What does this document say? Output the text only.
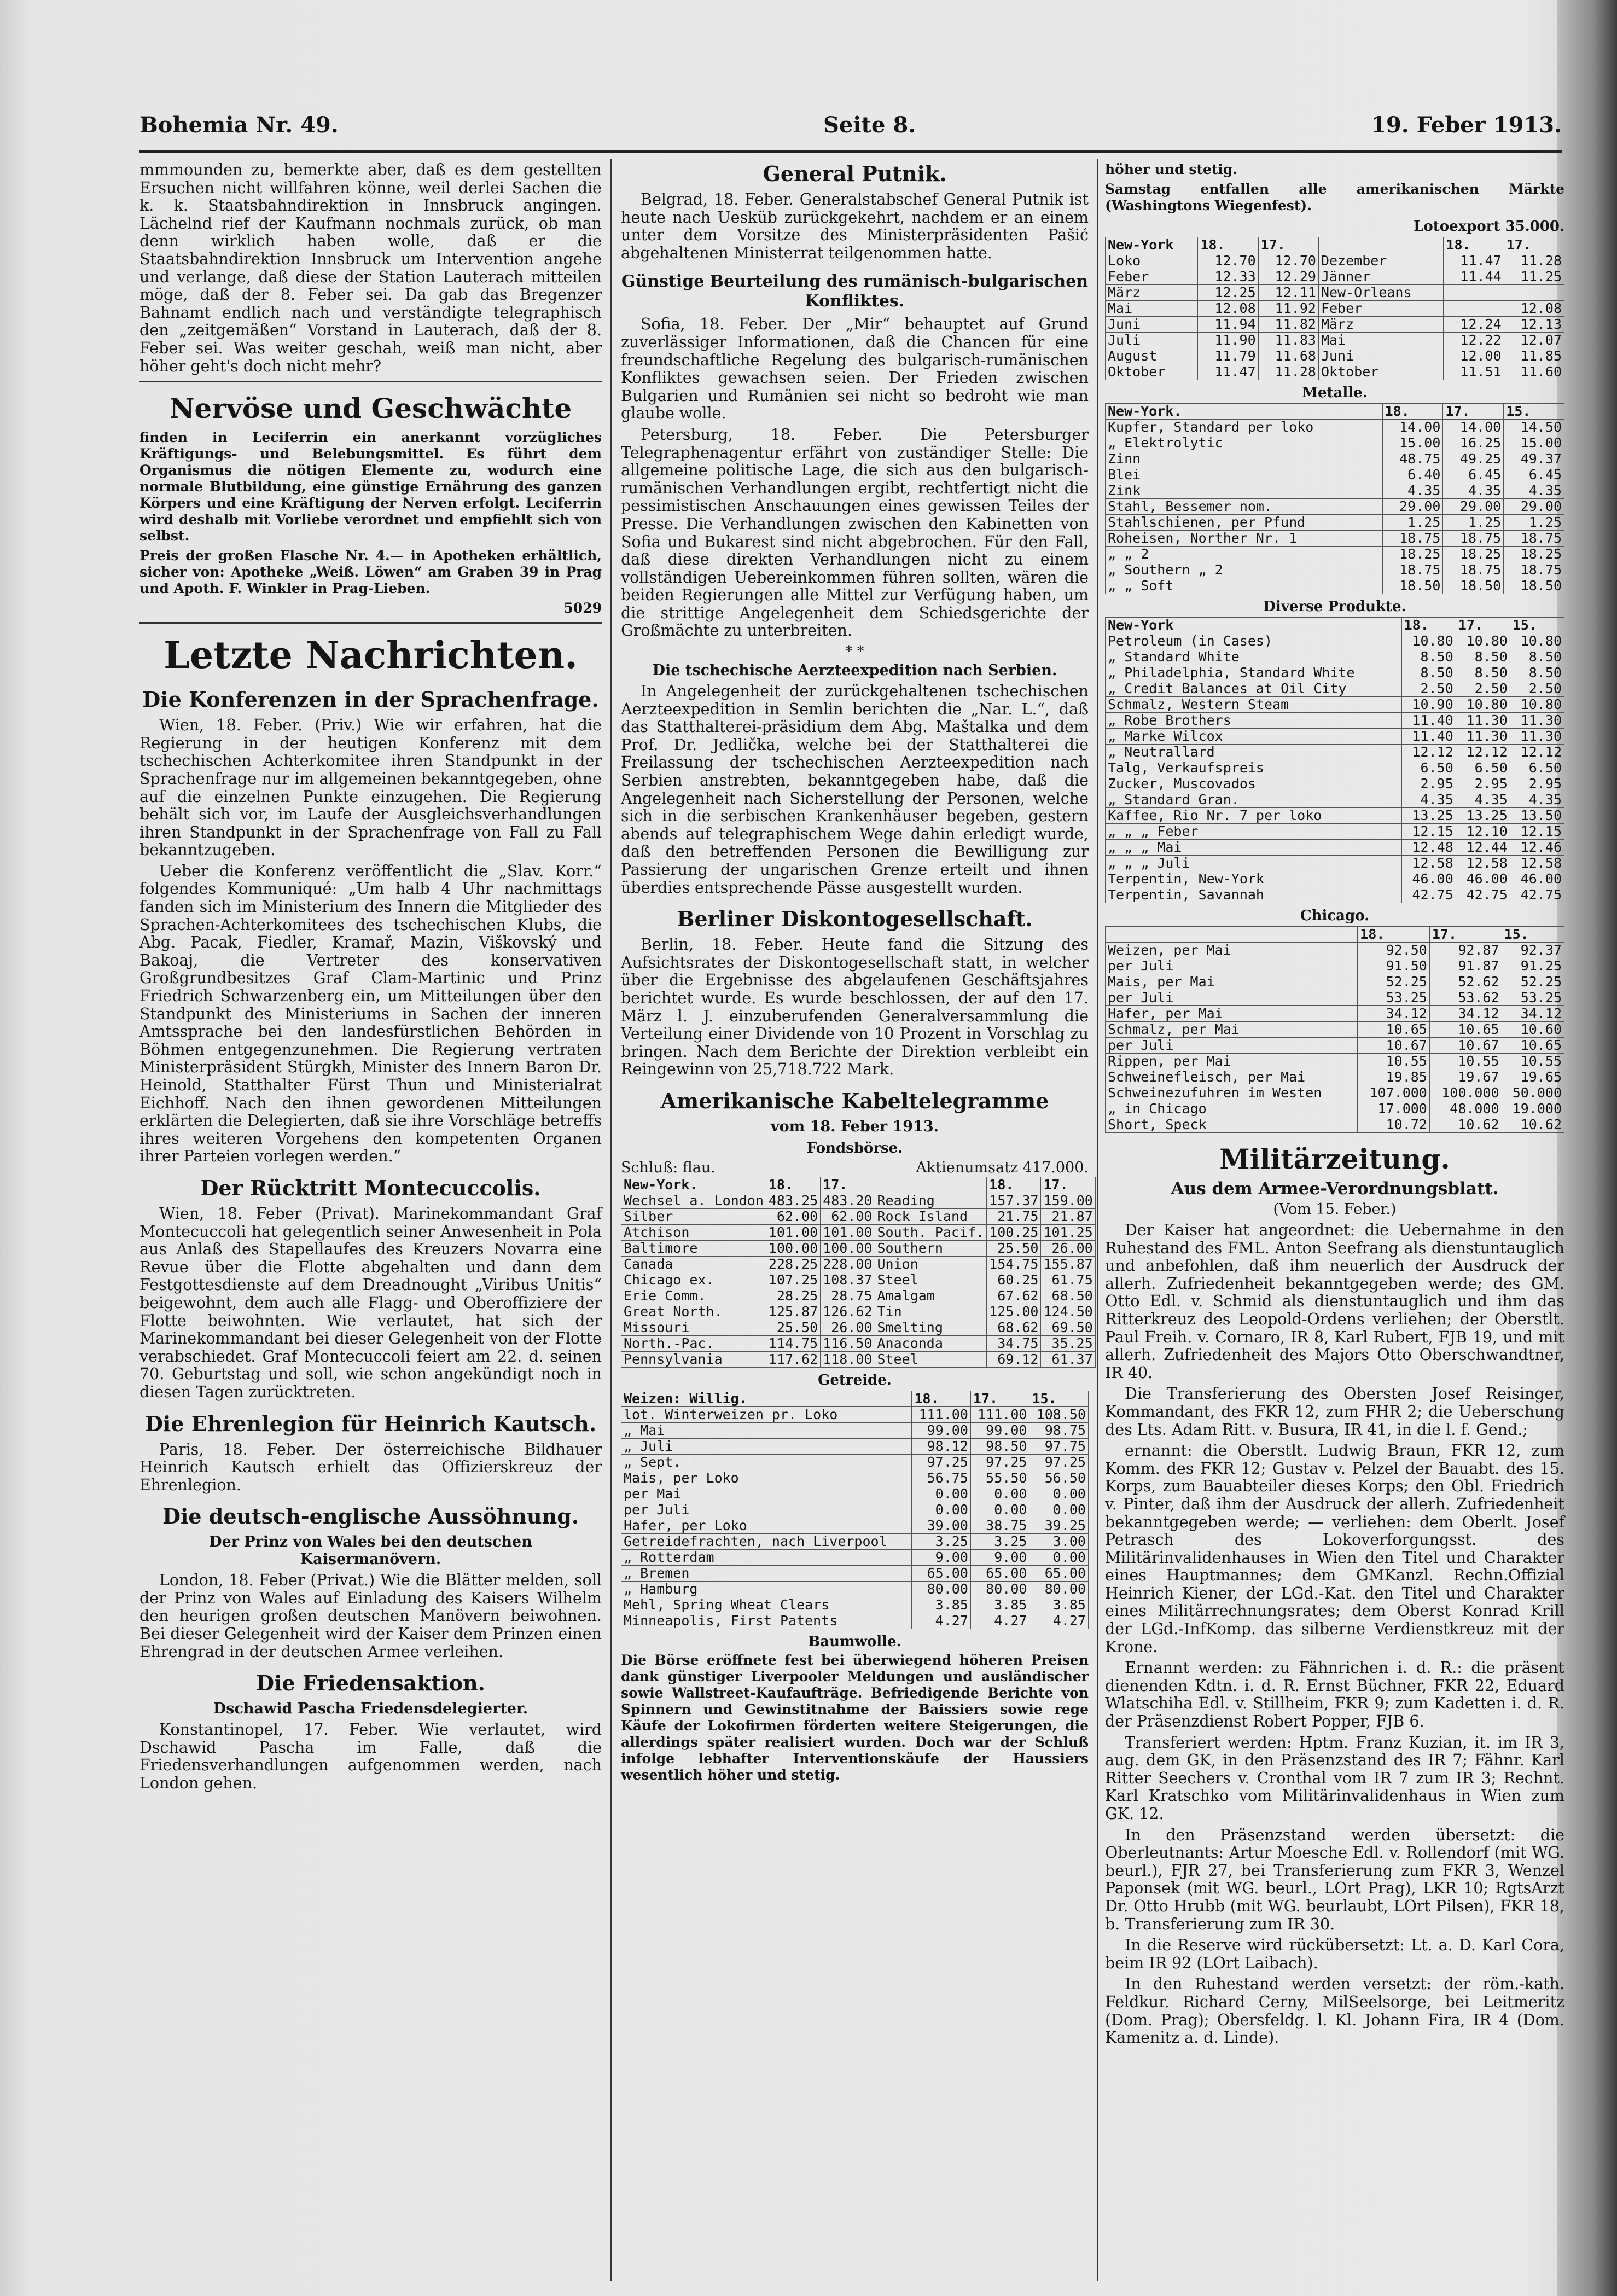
Bohemia Nr. 49.	Seite 8.	19. Feber 1913.

mmmounden zu, bemerkte aber, daß es dem gestellten Ersuchen nicht willfahren könne, weil derlei Sachen die k. k. Staatsbahndirektion in Innsbruck angingen. Lächelnd rief der Kaufmann nochmals zurück, ob man denn wirklich haben wolle, daß er die Staatsbahndirektion Innsbruck um Intervention angehe und verlange, daß diese der Station Lauterach mitteilen möge, daß der 8. Feber sei. Da gab das Bregenzer Bahnamt endlich nach und verständigte telegraphisch den „zeitgemäßen“ Vorstand in Lauterach, daß der 8. Feber sei. Was weiter geschah, weiß man nicht, aber höher geht's doch nicht mehr?

Nervöse und Geschwächte

finden in Leciferrin ein anerkannt vorzügliches Kräftigungs- und Belebungsmittel. Es führt dem Organismus die nötigen Elemente zu, wodurch eine normale Blutbildung, eine günstige Ernährung des ganzen Körpers und eine Kräftigung der Nerven erfolgt. Leciferrin wird deshalb mit Vorliebe verordnet und empfiehlt sich von selbst.

Preis der großen Flasche Nr. 4.— in Apotheken erhältlich, sicher von: Apotheke „Weiß. Löwen“ am Graben 39 in Prag und Apoth. F. Winkler in Prag-Lieben.

5029

Letzte Nachrichten.
Die Konferenzen in der Sprachenfrage.

Wien, 18. Feber. (Priv.) Wie wir erfahren, hat die Regierung in der heutigen Konferenz mit dem tschechischen Achterkomitee ihren Standpunkt in der Sprachenfrage nur im allgemeinen bekanntgegeben, ohne auf die einzelnen Punkte einzugehen. Die Regierung behält sich vor, im Laufe der Ausgleichsverhandlungen ihren Standpunkt in der Sprachenfrage von Fall zu Fall bekanntzugeben.

Ueber die Konferenz veröffentlicht die „Slav. Korr.“ folgendes Kommuniqué: „Um halb 4 Uhr nachmittags fanden sich im Ministerium des Innern die Mitglieder des Sprachen-Achterkomitees des tschechischen Klubs, die Abg. Pacak, Fiedler, Kramař, Mazin, Viškovský und Bakoaj, die Vertreter des konservativen Großgrundbesitzes Graf Clam-Martinic und Prinz Friedrich Schwarzenberg ein, um Mitteilungen über den Standpunkt des Ministeriums in Sachen der inneren Amtssprache bei den landesfürstlichen Behörden in Böhmen entgegenzunehmen. Die Regierung vertraten Ministerpräsident Stürgkh, Minister des Innern Baron Dr. Heinold, Statthalter Fürst Thun und Ministerialrat Eichhoff. Nach den ihnen gewordenen Mitteilungen erklärten die Delegierten, daß sie ihre Vorschläge betreffs ihres weiteren Vorgehens den kompetenten Organen ihrer Parteien vorlegen werden.“

Der Rücktritt Montecuccolis.

Wien, 18. Feber (Privat). Marinekommandant Graf Montecuccoli hat gelegentlich seiner Anwesenheit in Pola aus Anlaß des Stapellaufes des Kreuzers Novarra eine Revue über die Flotte abgehalten und dann dem Festgottesdienste auf dem Dreadnought „Viribus Unitis“ beigewohnt, dem auch alle Flagg- und Oberoffiziere der Flotte beiwohnten. Wie verlautet, hat sich der Marinekommandant bei dieser Gelegenheit von der Flotte verabschiedet. Graf Montecuccoli feiert am 22. d. seinen 70. Geburtstag und soll, wie schon angekündigt noch in diesen Tagen zurücktreten.

Die Ehrenlegion für Heinrich Kautsch.

Paris, 18. Feber. Der österreichische Bildhauer Heinrich Kautsch erhielt das Offizierskreuz der Ehrenlegion.

Die deutsch-englische Aussöhnung.
Der Prinz von Wales bei den deutschen Kaisermanövern.

London, 18. Feber (Privat.) Wie die Blätter melden, soll der Prinz von Wales auf Einladung des Kaisers Wilhelm den heurigen großen deutschen Manövern beiwohnen. Bei dieser Gelegenheit wird der Kaiser dem Prinzen einen Ehrengrad in der deutschen Armee verleihen.

Die Friedensaktion.
Dschawid Pascha Friedensdelegierter.

Konstantinopel, 17. Feber. Wie verlautet, wird Dschawid Pascha im Falle, daß die Friedensverhandlungen aufgenommen werden, nach London gehen.

General Putnik.

Belgrad, 18. Feber. Generalstabschef General Putnik ist heute nach Uesküb zurückgekehrt, nachdem er an einem unter dem Vorsitze des Ministerpräsidenten Pašić abgehaltenen Ministerrat teilgenommen hatte.

Günstige Beurteilung des rumänisch-bulgarischen Konfliktes.

Sofia, 18. Feber. Der „Mir“ behauptet auf Grund zuverlässiger Informationen, daß die Chancen für eine freundschaftliche Regelung des bulgarisch-rumänischen Konfliktes gewachsen seien. Der Frieden zwischen Bulgarien und Rumänien sei nicht so bedroht wie man glaube wolle.

Petersburg, 18. Feber. Die Petersburger Telegraphenagentur erfährt von zuständiger Stelle: Die allgemeine politische Lage, die sich aus den bulgarisch-rumänischen Verhandlungen ergibt, rechtfertigt nicht die pessimistischen Anschauungen eines gewissen Teiles der Presse. Die Verhandlungen zwischen den Kabinetten von Sofia und Bukarest sind nicht abgebrochen. Für den Fall, daß diese direkten Verhandlungen nicht zu einem vollständigen Uebereinkommen führen sollten, wären die beiden Regierungen alle Mittel zur Verfügung haben, um die strittige Angelegenheit dem Schiedsgerichte der Großmächte zu unterbreiten.

* *
Die tschechische Aerzteexpedition nach Serbien.

In Angelegenheit der zurückgehaltenen tschechischen Aerzteexpedition in Semlin berichten die „Nar. L.“, daß das Statthalterei-präsidium dem Abg. Maštalka und dem Prof. Dr. Jedlička, welche bei der Statthalterei die Freilassung der tschechischen Aerzteexpedition nach Serbien anstrebten, bekanntgegeben habe, daß die Angelegenheit nach Sicherstellung der Personen, welche sich in die serbischen Krankenhäuser begeben, gestern abends auf telegraphischem Wege dahin erledigt wurde, daß den betreffenden Personen die Bewilligung zur Passierung der ungarischen Grenze erteilt und ihnen überdies entsprechende Pässe ausgestellt wurden.

Berliner Diskontogesellschaft.

Berlin, 18. Feber. Heute fand die Sitzung des Aufsichtsrates der Diskontogesellschaft statt, in welcher über die Ergebnisse des abgelaufenen Geschäftsjahres berichtet wurde. Es wurde beschlossen, der auf den 17. März l. J. einzuberufenden Generalversammlung die Verteilung einer Dividende von 10 Prozent in Vorschlag zu bringen. Nach dem Berichte der Direktion verbleibt ein Reingewinn von 25,718.722 Mark.

Amerikanische Kabeltelegramme
vom 18. Feber 1913.
Fondsbörse.
Schluß: flau.	Aktienumsatz 417.000.
New-York.	18.	17.		18.	17.
Wechsel a. London	483.25	483.20	Reading	157.37	159.00
Silber	62.00	62.00	Rock Island	21.75	21.87
Atchison	101.00	101.00	South. Pacif.	100.25	101.25
Baltimore	100.00	100.00	Southern	25.50	26.00
Canada	228.25	228.00	Union	154.75	155.87
Chicago ex.	107.25	108.37	Steel	60.25	61.75
Erie Comm.	28.25	28.75	Amalgam	67.62	68.50
Great North.	125.87	126.62	Tin	125.00	124.50
Missouri	25.50	26.00	Smelting	68.62	69.50
North.-Pac.	114.75	116.50	Anaconda	34.75	35.25
Pennsylvania	117.62	118.00	Steel	69.12	61.37
Getreide.
Weizen: Willig.	18.	17.	15.
lot. Winterweizen pr. Loko	111.00	111.00	108.50
„ Mai	99.00	99.00	98.75
„ Juli	98.12	98.50	97.75
„ Sept.	97.25	97.25	97.25
Mais, per Loko	56.75	55.50	56.50
per Mai	0.00	0.00	0.00
per Juli	0.00	0.00	0.00
Hafer, per Loko	39.00	38.75	39.25
Getreidefrachten, nach Liverpool	3.25	3.25	3.00
„ Rotterdam	9.00	9.00	0.00
„ Bremen	65.00	65.00	65.00
„ Hamburg	80.00	80.00	80.00
Mehl, Spring Wheat Clears	3.85	3.85	3.85
Minneapolis, First Patents	4.27	4.27	4.27
Baumwolle.

Die Börse eröffnete fest bei überwiegend höheren Preisen dank günstiger Liverpooler Meldungen und ausländischer sowie Wallstreet-Kaufaufträge. Befriedigende Berichte von Spinnern und Gewinstitnahme der Baissiers sowie rege Käufe der Lokofirmen förderten weitere Steigerungen, die allerdings später realisiert wurden. Doch war der Schluß infolge lebhafter Interventionskäufe der Haussiers wesentlich höher und stetig.

höher und stetig.

Samstag entfallen alle amerikanischen Märkte (Washingtons Wiegenfest).

Lotoexport 35.000.
New-York	18.	17.		18.	17.
Loko	12.70	12.70	Dezember	11.47	11.28
Feber	12.33	12.29	Jänner	11.44	11.25
März	12.25	12.11	New-Orleans		
Mai	12.08	11.92	Feber		12.08
Juni	11.94	11.82	März	12.24	12.13
Juli	11.90	11.83	Mai	12.22	12.07
August	11.79	11.68	Juni	12.00	11.85
Oktober	11.47	11.28	Oktober	11.51	11.60
Metalle.
New-York.	18.	17.	15.
Kupfer, Standard per loko	14.00	14.00	14.50
„ Elektrolytic	15.00	16.25	15.00
Zinn	48.75	49.25	49.37
Blei	6.40	6.45	6.45
Zink	4.35	4.35	4.35
Stahl, Bessemer nom.	29.00	29.00	29.00
Stahlschienen, per Pfund	1.25	1.25	1.25
Roheisen, Norther Nr. 1	18.75	18.75	18.75
„ „ 2	18.25	18.25	18.25
„ Southern „ 2	18.75	18.75	18.75
„ „ Soft	18.50	18.50	18.50
Diverse Produkte.
New-York	18.	17.	15.
Petroleum (in Cases)	10.80	10.80	10.80
„ Standard White	8.50	8.50	8.50
„ Philadelphia, Standard White	8.50	8.50	8.50
„ Credit Balances at Oil City	2.50	2.50	2.50
Schmalz, Western Steam	10.90	10.80	10.80
„ Robe Brothers	11.40	11.30	11.30
„ Marke Wilcox	11.40	11.30	11.30
„ Neutrallard	12.12	12.12	12.12
Talg, Verkaufspreis	6.50	6.50	6.50
Zucker, Muscovados	2.95	2.95	2.95
„ Standard Gran.	4.35	4.35	4.35
Kaffee, Rio Nr. 7 per loko	13.25	13.25	13.50
„ „ „ Feber	12.15	12.10	12.15
„ „ „ Mai	12.48	12.44	12.46
„ „ „ Juli	12.58	12.58	12.58
Terpentin, New-York	46.00	46.00	46.00
Terpentin, Savannah	42.75	42.75	42.75
Chicago.
	18.	17.	15.
Weizen, per Mai	92.50	92.87	92.37
per Juli	91.50	91.87	91.25
Mais, per Mai	52.25	52.62	52.25
per Juli	53.25	53.62	53.25
Hafer, per Mai	34.12	34.12	34.12
Schmalz, per Mai	10.65	10.65	10.60
per Juli	10.67	10.67	10.65
Rippen, per Mai	10.55	10.55	10.55
Schweinefleisch, per Mai	19.85	19.67	19.65
Schweinezufuhren im Westen	107.000	100.000	50.000
„ in Chicago	17.000	48.000	19.000
Short, Speck	10.72	10.62	10.62
Militärzeitung.
Aus dem Armee-Verordnungsblatt.
(Vom 15. Feber.)

Der Kaiser hat angeordnet: die Uebernahme in den Ruhestand des FML. Anton Seefrang als dienstuntauglich und anbefohlen, daß ihm neuerlich der Ausdruck der allerh. Zufriedenheit bekanntgegeben werde; des GM. Otto Edl. v. Schmid als dienstuntauglich und ihm das Ritterkreuz des Leopold-Ordens verliehen; der Oberstlt. Paul Freih. v. Cornaro, IR 8, Karl Rubert, FJB 19, und mit allerh. Zufriedenheit des Majors Otto Oberschwandtner, IR 40.

Die Transferierung des Obersten Josef Reisinger, Kommandant, des FKR 12, zum FHR 2; die Ueberschung des Lts. Adam Ritt. v. Busura, IR 41, in die l. f. Gend.;

ernannt: die Oberstlt. Ludwig Braun, FKR 12, zum Komm. des FKR 12; Gustav v. Pelzel der Bauabt. des 15. Korps, zum Bauabteiler dieses Korps; den Obl. Friedrich v. Pinter, daß ihm der Ausdruck der allerh. Zufriedenheit bekanntgegeben werde; — verliehen: dem Oberlt. Josef Petrasch des Lokoverforgungsst. des Militärinvalidenhauses in Wien den Titel und Charakter eines Hauptmannes; dem GMKanzl. Rechn.Offizial Heinrich Kiener, der LGd.-Kat. den Titel und Charakter eines Militärrechnungsrates; dem Oberst Konrad Krill der LGd.-InfKomp. das silberne Verdienstkreuz mit der Krone.

Ernannt werden: zu Fähnrichen i. d. R.: die präsent dienenden Kdtn. i. d. R. Ernst Büchner, FKR 22, Eduard Wlatschiha Edl. v. Stillheim, FKR 9; zum Kadetten i. d. R. der Präsenzdienst Robert Popper, FJB 6.

Transferiert werden: Hptm. Franz Kuzian, it. im IR 3, aug. dem GK, in den Präsenzstand des IR 7; Fähnr. Karl Ritter Seechers v. Cronthal vom IR 7 zum IR 3; Rechnt. Karl Kratschko vom Militärinvalidenhaus in Wien zum GK. 12.

In den Präsenzstand werden übersetzt: die Oberleutnants: Artur Moesche Edl. v. Rollendorf (mit WG. beurl.), FJR 27, bei Transferierung zum FKR 3, Wenzel Paponsek (mit WG. beurl., LOrt Prag), LKR 10; RgtsArzt Dr. Otto Hrubb (mit WG. beurlaubt, LOrt Pilsen), FKR 18, b. Transferierung zum IR 30.

In die Reserve wird rückübersetzt: Lt. a. D. Karl Cora, beim IR 92 (LOrt Laibach).

In den Ruhestand werden versetzt: der röm.-kath. Feldkur. Richard Cerny, MilSeelsorge, bei Leitmeritz (Dom. Prag); Obersfeldg. l. Kl. Johann Fira, IR 4 (Dom. Kamenitz a. d. Linde).
